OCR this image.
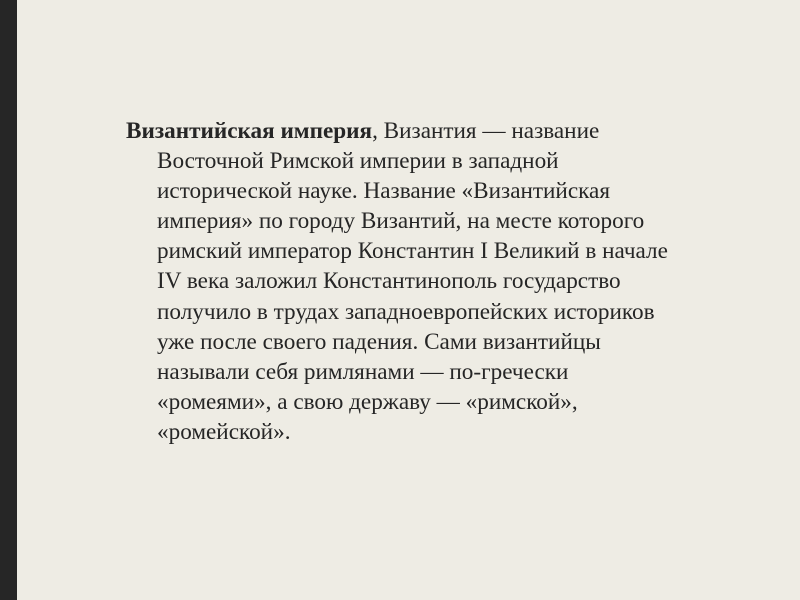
Византийская империя, Византия — название
Восточной Римской империи в западной
исторической науке. Название «Византийская
империя» по городу Византий, на месте которого
римский император Константин I Великий в начале
IV века заложил Константинополь государство
получило в трудах западноевропейских историков
уже после своего падения. Сами византийцы
называли себя римлянами — по-гречески
«ромеями», а свою державу — «римской»,
«ромейской».
